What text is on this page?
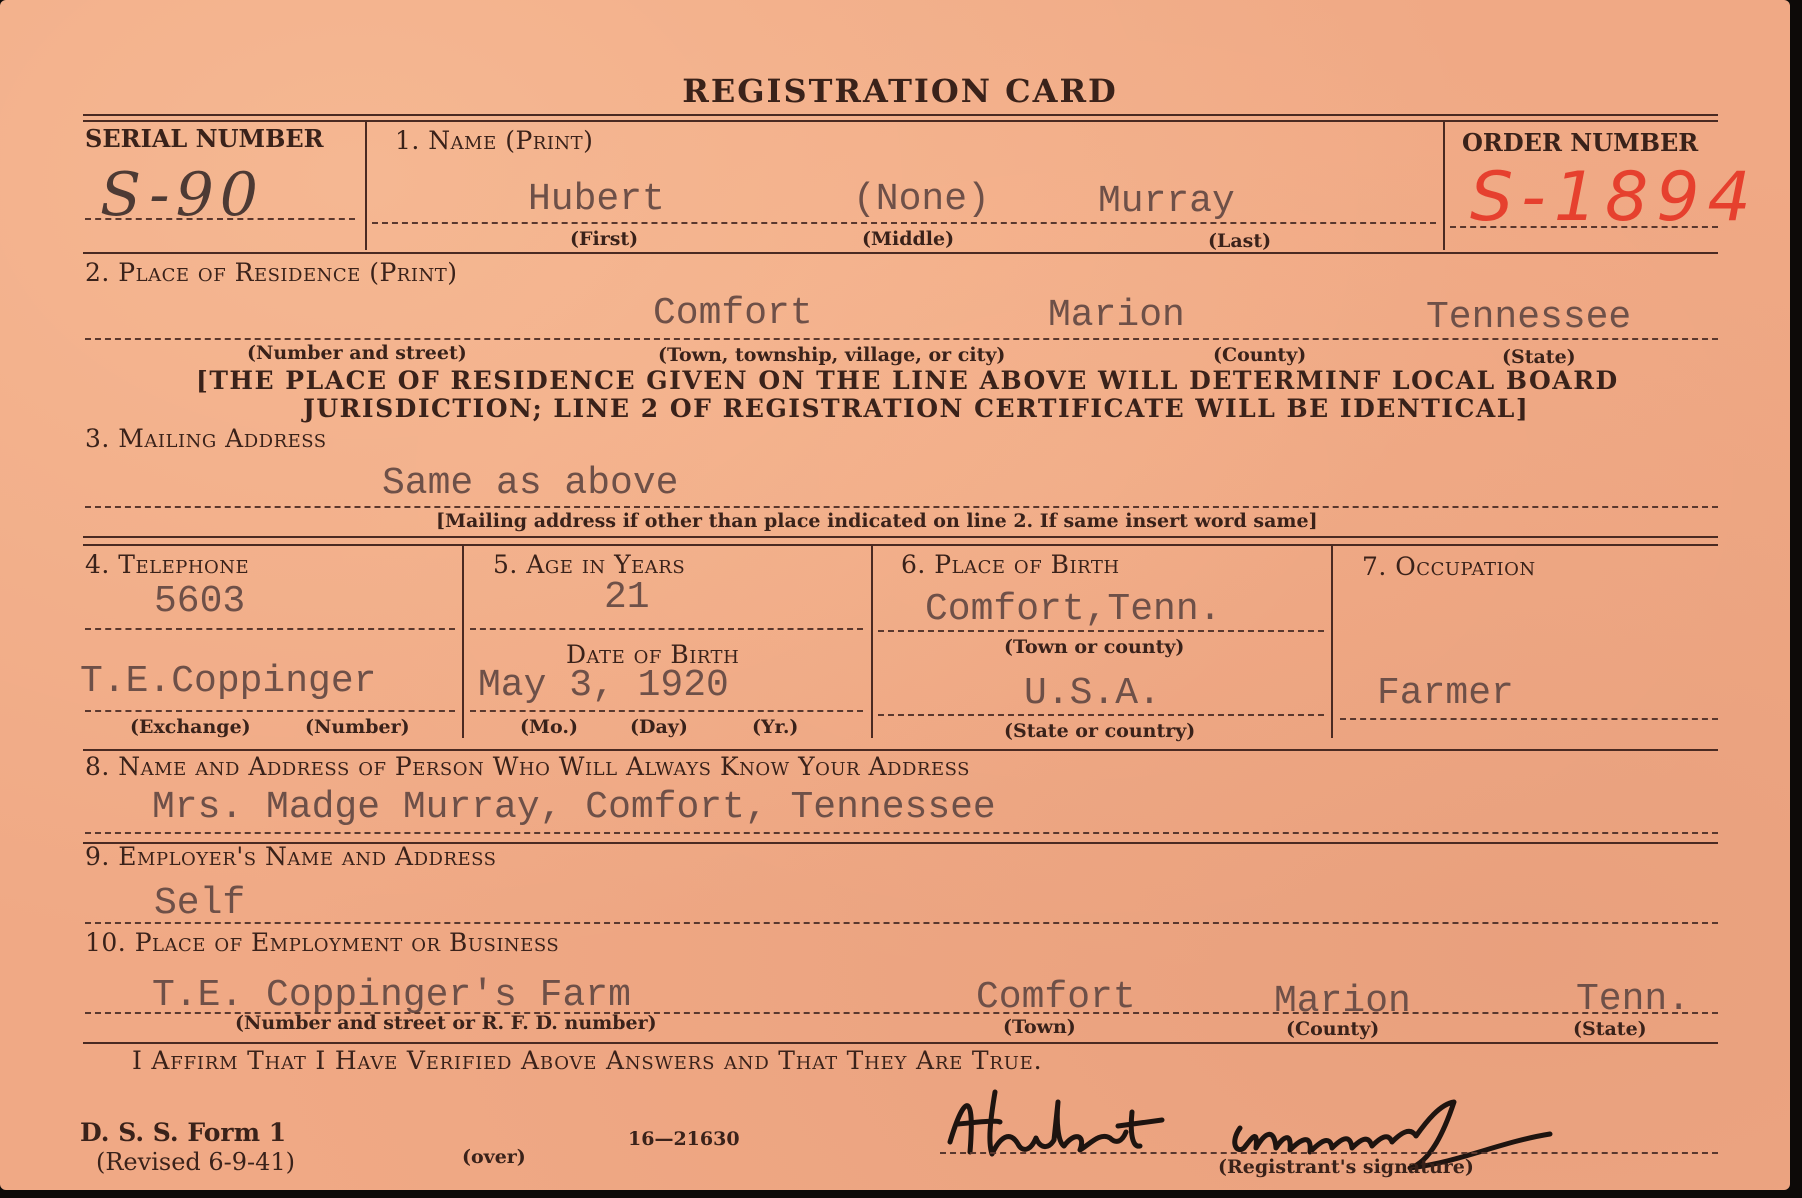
REGISTRATION CARD
SERIAL NUMBER
S-90
1. Name (Print)
Hubert	(None)	Murray
(First)	(Middle)	(Last)
ORDER NUMBER
S-1894
2. Place of Residence (Print)
Comfort	Marion	Tennessee
(Number and street)	(Town, township, village, or city)	(County)	(State)
[THE PLACE OF RESIDENCE GIVEN ON THE LINE ABOVE WILL DETERMINF LOCAL BOARD
JURISDICTION; LINE 2 OF REGISTRATION CERTIFICATE WILL BE IDENTICAL]
3. Mailing Address
Same as above
[Mailing address if other than place indicated on line 2. If same insert word same]
4. Telephone
5603
T.E.Coppinger
(Exchange)	(Number)
5. Age in Years
21
Date of Birth
May 3, 1920
(Mo.)	(Day)	(Yr.)
6. Place of Birth
Comfort,Tenn.
(Town or county)
U.S.A.
(State or country)
7. Occupation
Farmer
8. Name and Address of Person Who Will Always Know Your Address
Mrs. Madge Murray, Comfort, Tennessee
9. Employer's Name and Address
Self
10. Place of Employment or Business
T.E. Coppinger's Farm	Comfort	Marion	Tenn.
(Number and street or R. F. D. number)	(Town)	(County)	(State)
I Affirm That I Have Verified Above Answers and That They Are True.
D. S. S. Form 1
(Revised 6-9-41)	(over)
16—21630
(Registrant's signature)
